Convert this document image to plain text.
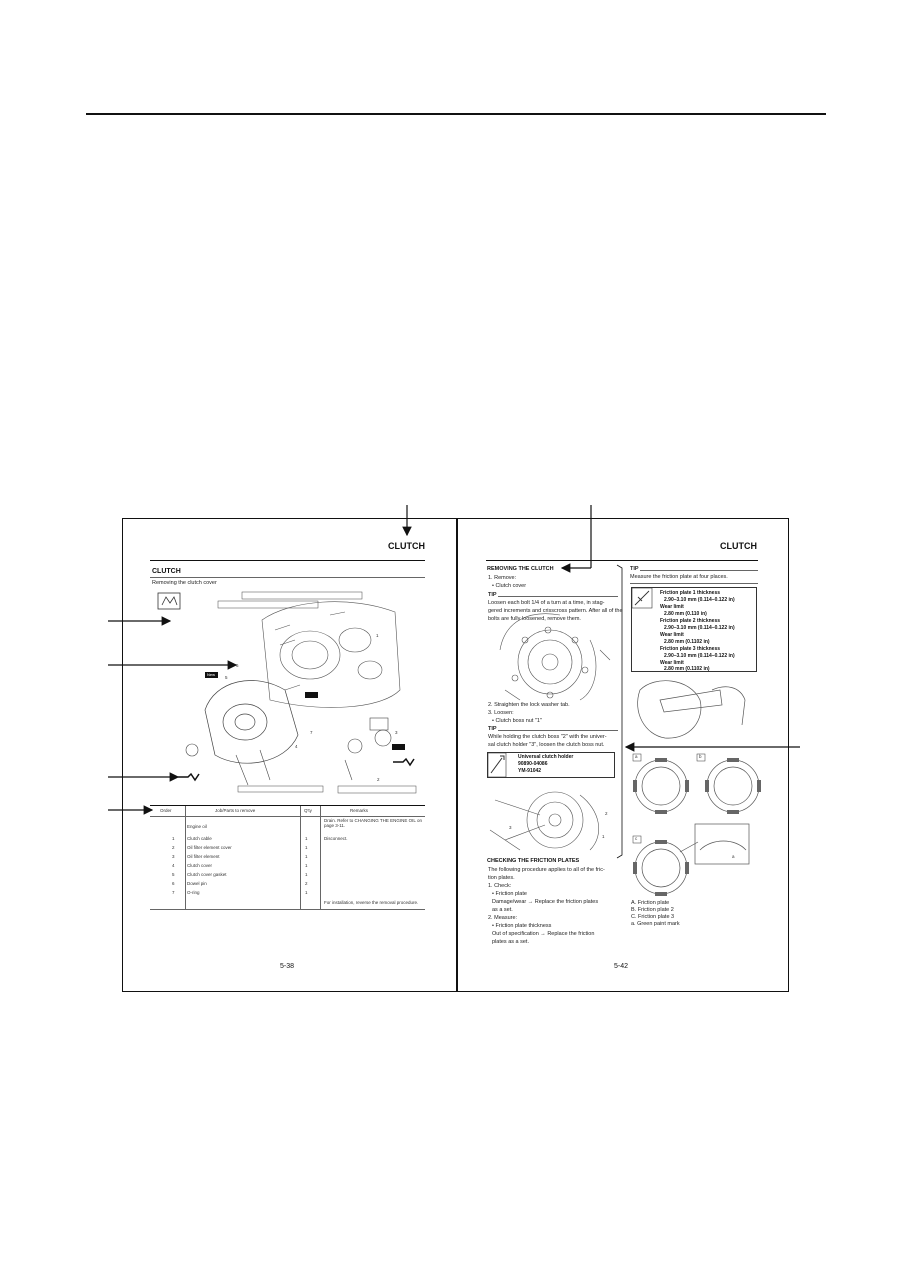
CLUTCH
CLUTCH
Removing the clutch cover
New
1
2
3
4
5
6
7
Order	Job/Parts to remove	Q'ty	Remarks
Engine oil
Drain. Refer to CHANGING THE ENGINE OIL on page 3-11.
1	Clutch cable	1	Disconnect.
2	Oil filter element cover	1
3	Oil filter element	1
4	Clutch cover	1
5	Clutch cover gasket	1
6	Dowel pin	2
7	O-ring	1
For installation, reverse the removal procedure.
5-38
CLUTCH
REMOVING THE CLUTCH
1. Remove:
• Clutch cover
TIP
Loosen each bolt 1/4 of a turn at a time, in stag-
gered increments and crisscross pattern. After all of the
bolts are fully loosened, remove them.
2. Straighten the lock washer tab.
3. Loosen:
• Clutch boss nut "1"
TIP
While holding the clutch boss "2" with the univer-
sal clutch holder "3", loosen the clutch boss nut.
Universal clutch holder
90890-04086
YM-91042
2
3
1
CHECKING THE FRICTION PLATES
The following procedure applies to all of the fric-
tion plates.
1. Check:
• Friction plate
Damage/wear → Replace the friction plates
as a set.
2. Measure:
• Friction plate thickness
Out of specification → Replace the friction
plates as a set.
TIP
Measure the friction plate at four places.
Friction plate 1 thickness
2.90–3.10 mm (0.114–0.122 in)
Wear limit
2.80 mm (0.110 in)
Friction plate 2 thickness
2.90–3.10 mm (0.114–0.122 in)
Wear limit
2.80 mm (0.1102 in)
Friction plate 3 thickness
2.90–3.10 mm (0.114–0.122 in)
Wear limit
2.80 mm (0.1102 in)
a	b
c
a
A. Friction plate
B. Friction plate 2
C. Friction plate 3
a. Green paint mark
5-42
